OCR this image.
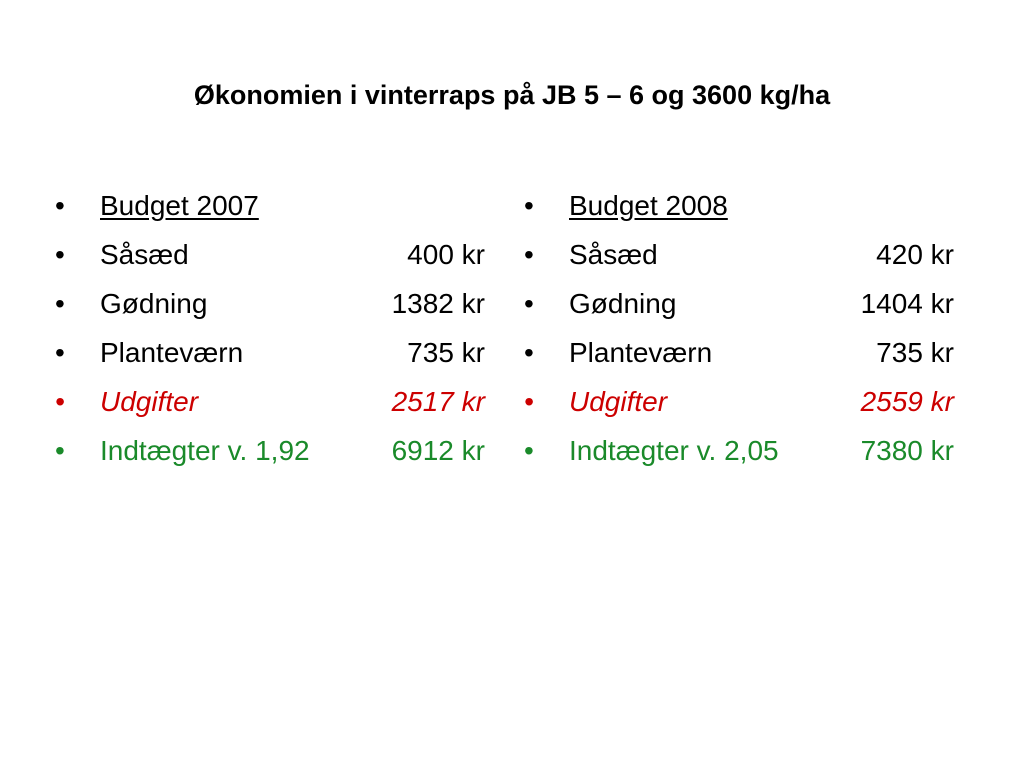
Økonomien i vinterraps på JB 5 – 6 og 3600 kg/ha
•	Budget 2007
•	Såsæd	400 kr
•	Gødning	1382 kr
•	Planteværn	735 kr
•	Udgifter	2517 kr
•	Indtægter v. 1,92	6912 kr
•	Budget 2008
•	Såsæd	420 kr
•	Gødning	1404 kr
•	Planteværn	735 kr
•	Udgifter	2559 kr
•	Indtægter v. 2,05	7380 kr
